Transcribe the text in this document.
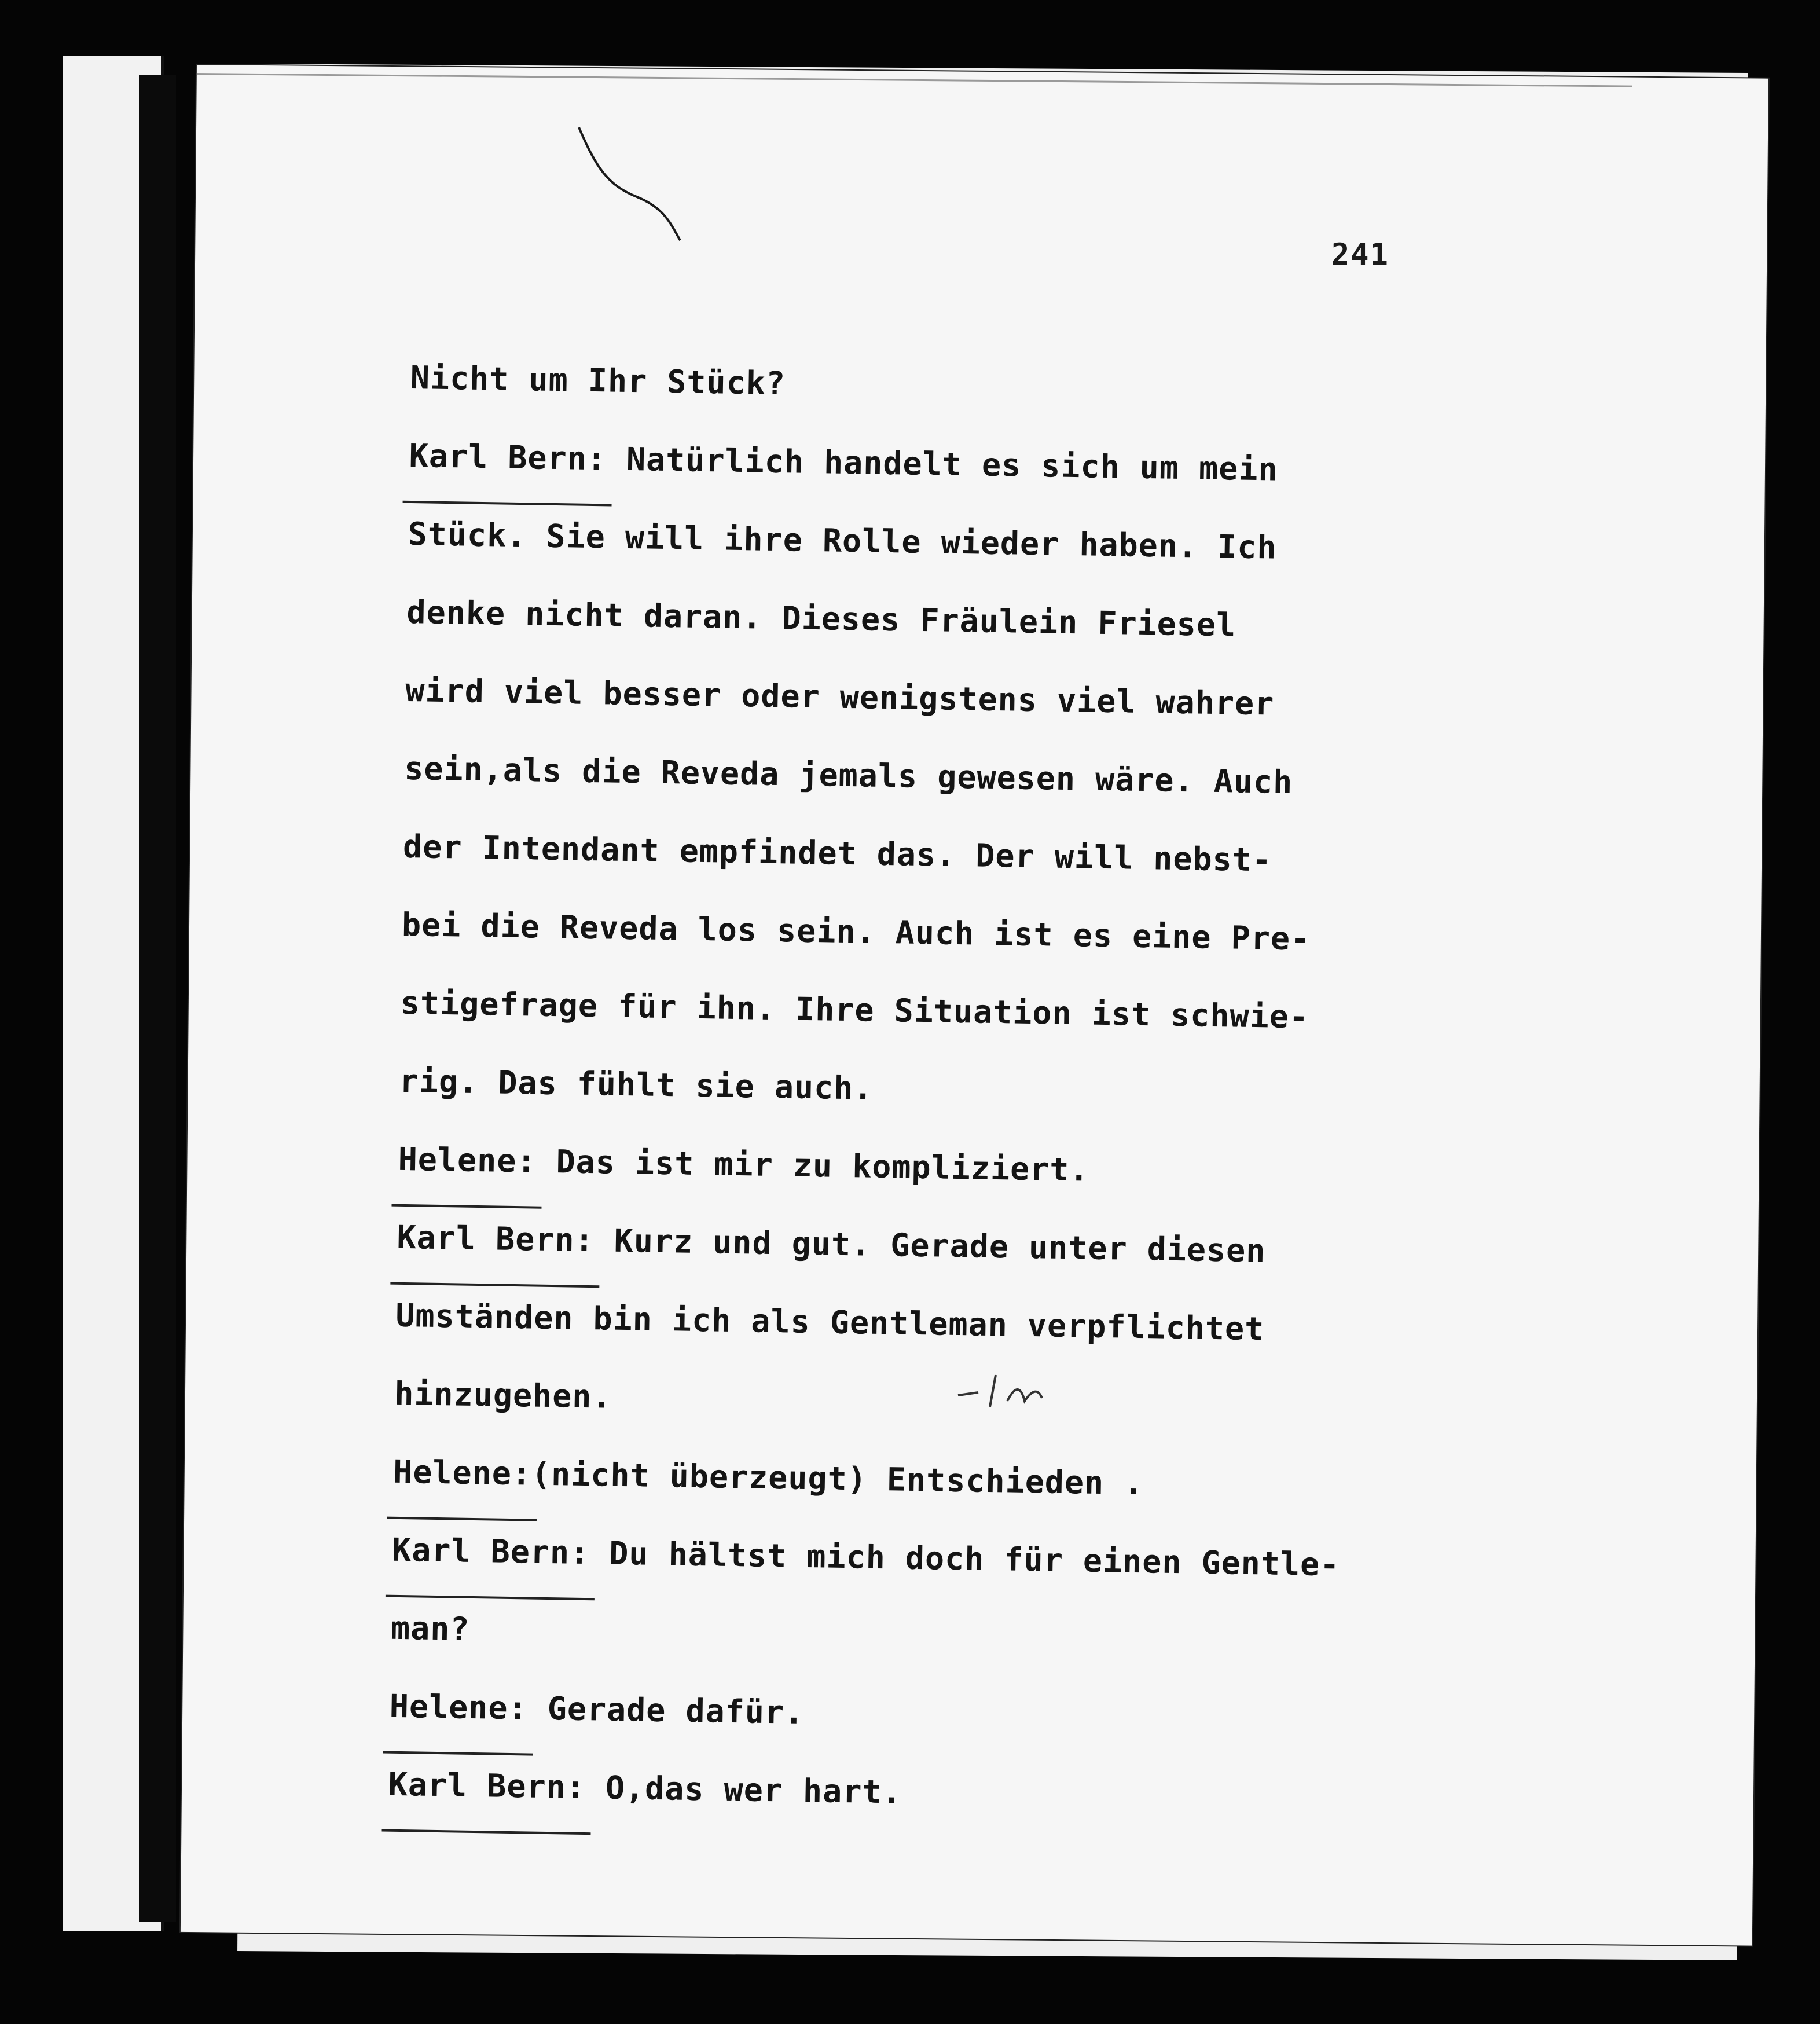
241
Nicht um Ihr Stück?
Karl Bern: Natürlich handelt es sich um mein
Stück. Sie will ihre Rolle wieder haben. Ich
denke nicht daran. Dieses Fräulein Friesel
wird viel besser oder wenigstens viel wahrer
sein,als die Reveda jemals gewesen wäre. Auch
der Intendant empfindet das. Der will nebst-
bei die Reveda los sein. Auch ist es eine Pre-
stigefrage für ihn. Ihre Situation ist schwie-
rig. Das fühlt sie auch.
Helene: Das ist mir zu kompliziert.
Karl Bern: Kurz und gut. Gerade unter diesen
Umständen bin ich als Gentleman verpflichtet
hinzugehen.
Helene:(nicht überzeugt) Entschieden .
Karl Bern: Du hältst mich doch für einen Gentle-
man?
Helene: Gerade dafür.
Karl Bern: O,das wer hart.
